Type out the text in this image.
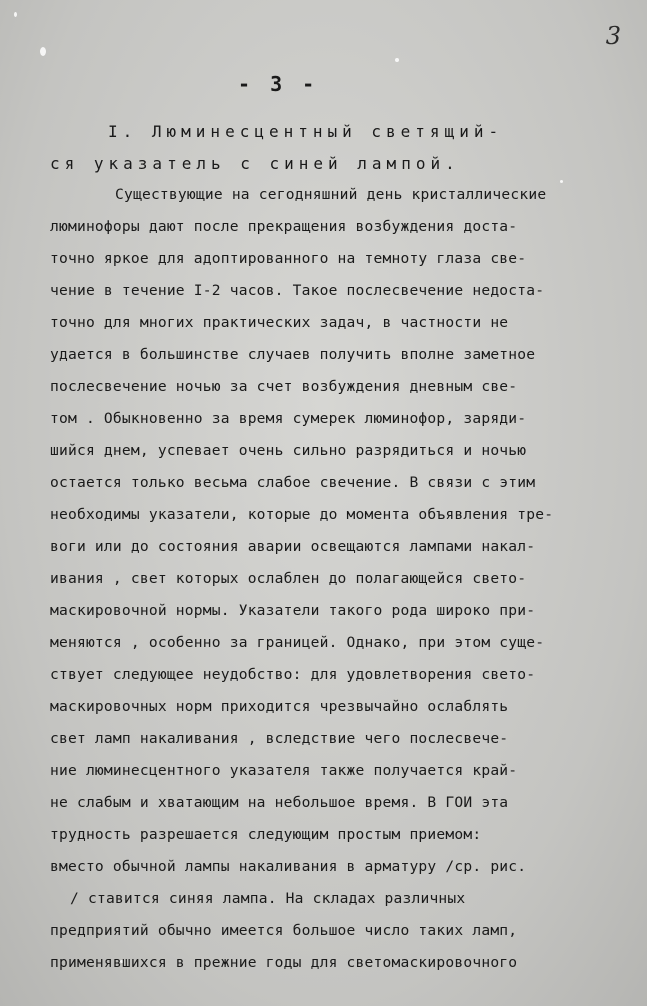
3
- 3 -
I. Люминесцентный светящий-
ся указатель с синей лампой.
Существующие на сегодняшний день кристаллические
люминофоры дают после прекращения возбуждения доста-
точно яркое для адоптированного на темноту глаза све-
чение в течение I-2 часов. Такое послесвечение недоста-
точно для многих практических задач, в частности не
удается в большинстве случаев получить вполне заметное
послесвечение ночью за счет возбуждения дневным све-
том . Обыкновенно за время сумерек люминофор, заряди-
шийся днем, успевает очень сильно разрядиться и ночью
остается только весьма слабое свечение. В связи с этим
необходимы указатели, которые до момента объявления тре-
воги или до состояния аварии освещаются лампами накал-
ивания , свет которых ослаблен до полагающейся свето-
маскировочной нормы. Указатели такого рода широко при-
меняются , особенно за границей. Однако, при этом суще-
ствует следующее неудобство: для удовлетворения свето-
маскировочных норм приходится чрезвычайно ослаблять
свет ламп накаливания , вследствие чего послесвече-
ние люминесцентного указателя также получается край-
не слабым и хватающим на небольшое время. В ГОИ эта
трудность разрешается следующим простым приемом:
вместо обычной лампы накаливания в арматуру /ср. рис.
/ ставится синяя лампа. На складах различных
предприятий обычно имеется большое число таких ламп,
применявшихся в прежние годы для светомаскировочного
